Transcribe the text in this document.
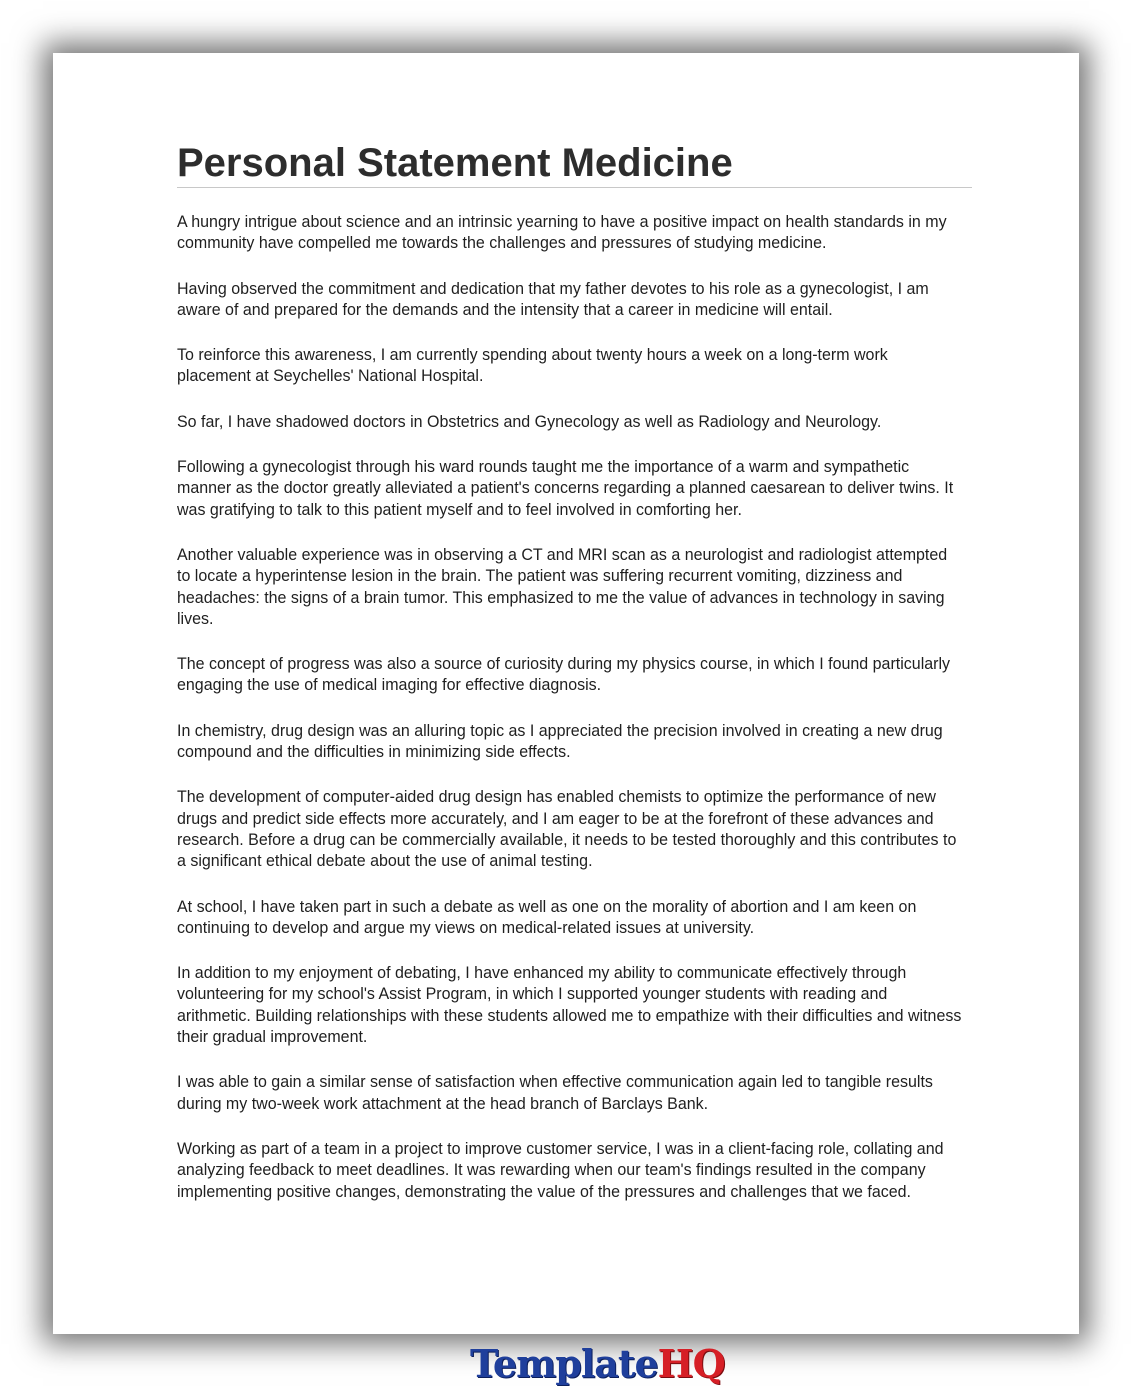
Personal Statement Medicine

A hungry intrigue about science and an intrinsic yearning to have a positive impact on health standards in my community have compelled me towards the challenges and pressures of studying medicine.

Having observed the commitment and dedication that my father devotes to his role as a gynecologist, I am aware of and prepared for the demands and the intensity that a career in medicine will entail.

To reinforce this awareness, I am currently spending about twenty hours a week on a long-term work placement at Seychelles' National Hospital.

So far, I have shadowed doctors in Obstetrics and Gynecology as well as Radiology and Neurology.

Following a gynecologist through his ward rounds taught me the importance of a warm and sympathetic manner as the doctor greatly alleviated a patient's concerns regarding a planned caesarean to deliver twins. It was gratifying to talk to this patient myself and to feel involved in comforting her.

Another valuable experience was in observing a CT and MRI scan as a neurologist and radiologist attempted to locate a hyperintense lesion in the brain. The patient was suffering recurrent vomiting, dizziness and headaches: the signs of a brain tumor. This emphasized to me the value of advances in technology in saving lives.

The concept of progress was also a source of curiosity during my physics course, in which I found particularly engaging the use of medical imaging for effective diagnosis.

In chemistry, drug design was an alluring topic as I appreciated the precision involved in creating a new drug compound and the difficulties in minimizing side effects.

The development of computer-aided drug design has enabled chemists to optimize the performance of new drugs and predict side effects more accurately, and I am eager to be at the forefront of these advances and research. Before a drug can be commercially available, it needs to be tested thoroughly and this contributes to a significant ethical debate about the use of animal testing.

At school, I have taken part in such a debate as well as one on the morality of abortion and I am keen on continuing to develop and argue my views on medical-related issues at university.

In addition to my enjoyment of debating, I have enhanced my ability to communicate effectively through volunteering for my school's Assist Program, in which I supported younger students with reading and arithmetic. Building relationships with these students allowed me to empathize with their difficulties and witness their gradual improvement.

I was able to gain a similar sense of satisfaction when effective communication again led to tangible results during my two-week work attachment at the head branch of Barclays Bank.

Working as part of a team in a project to improve customer service, I was in a client-facing role, collating and analyzing feedback to meet deadlines. It was rewarding when our team's findings resulted in the company implementing positive changes, demonstrating the value of the pressures and challenges that we faced.

TemplateHQ
